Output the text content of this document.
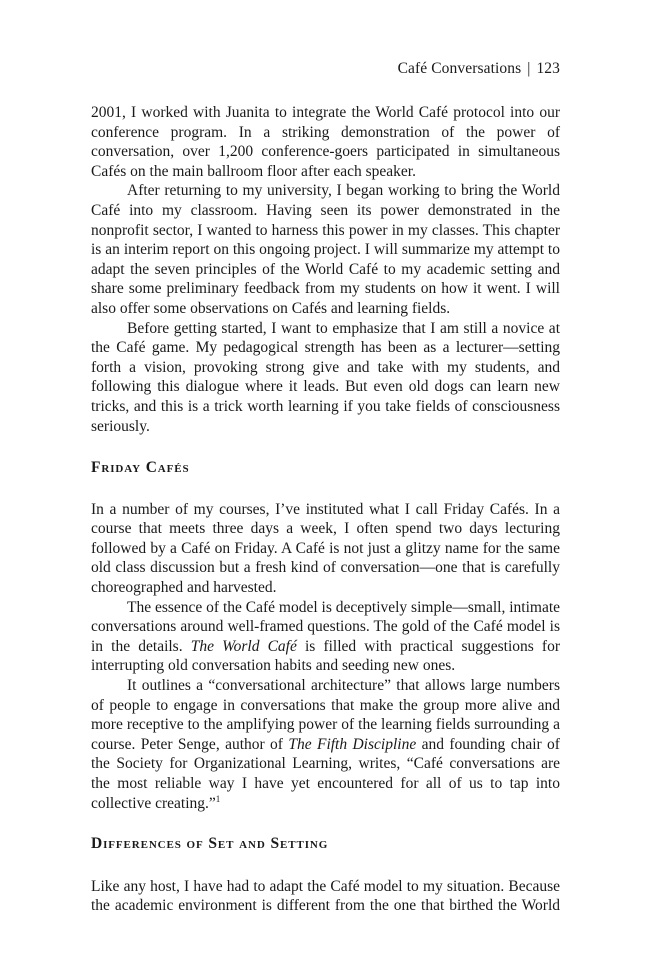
Café Conversations | 123

2001, I worked with Juanita to integrate the World Café protocol into our conference program. In a striking demonstration of the power of conversation, over 1,200 conference-goers participated in simultaneous Cafés on the main ballroom floor after each speaker.

After returning to my university, I began working to bring the World Café into my classroom. Having seen its power demonstrated in the nonprofit sector, I wanted to harness this power in my classes. This chapter is an interim report on this ongoing project. I will summarize my attempt to adapt the seven principles of the World Café to my academic setting and share some preliminary feedback from my students on how it went. I will also offer some observations on Cafés and learning fields.

Before getting started, I want to emphasize that I am still a novice at the Café game. My pedagogical strength has been as a lecturer—setting forth a vision, provoking strong give and take with my students, and following this dialogue where it leads. But even old dogs can learn new tricks, and this is a trick worth learning if you take fields of consciousness seriously.

Friday Cafés

In a number of my courses, I’ve instituted what I call Friday Cafés. In a course that meets three days a week, I often spend two days lecturing followed by a Café on Friday. A Café is not just a glitzy name for the same old class discussion but a fresh kind of conversation—one that is carefully choreographed and harvested.

The essence of the Café model is deceptively simple—small, intimate conversations around well-framed questions. The gold of the Café model is in the details. The World Café is filled with practical suggestions for interrupting old conversation habits and seeding new ones.

It outlines a “conversational architecture” that allows large numbers of people to engage in conversations that make the group more alive and more receptive to the amplifying power of the learning fields surrounding a course. Peter Senge, author of The Fifth Discipline and founding chair of the Society for Organizational Learning, writes, “Café conversations are the most reliable way I have yet encountered for all of us to tap into collective creating.”$^1$

Differences of Set and Setting

Like any host, I have had to adapt the Café model to my situation. Because the academic environment is different from the one that birthed the World
